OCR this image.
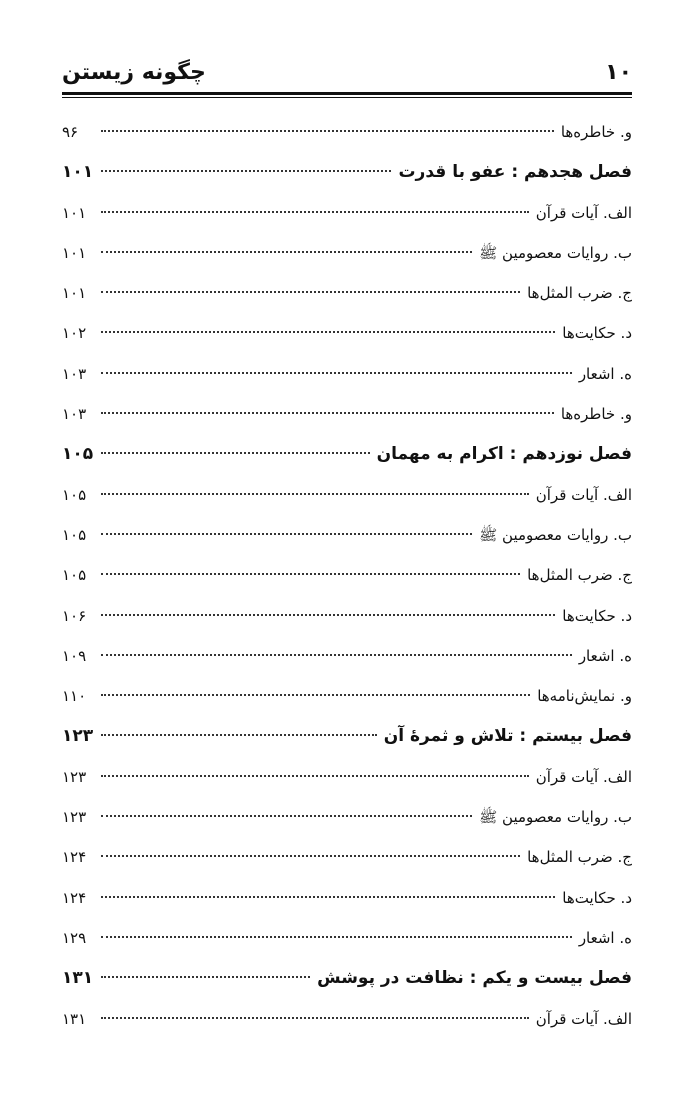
۱۰
چگونه زیستن
و. خاطره‌ها
۹۶
فصل هجدهم : عفو با قدرت
۱۰۱
الف. آیات قرآن
۱۰۱
ب. روایات معصومین ﷺ
۱۰۱
ج. ضرب المثل‌ها
۱۰۱
د. حکایت‌ها
۱۰۲
ه. اشعار
۱۰۳
و. خاطره‌ها
۱۰۳
فصل نوزدهم : اکرام به مهمان
۱۰۵
الف. آیات قرآن
۱۰۵
ب. روایات معصومین ﷺ
۱۰۵
ج. ضرب المثل‌ها
۱۰۵
د. حکایت‌ها
۱۰۶
ه. اشعار
۱۰۹
و. نمایش‌نامه‌ها
۱۱۰
فصل بیستم : تلاش و ثمرهٔ آن
۱۲۳
الف. آیات قرآن
۱۲۳
ب. روایات معصومین ﷺ
۱۲۳
ج. ضرب المثل‌ها
۱۲۴
د. حکایت‌ها
۱۲۴
ه. اشعار
۱۲۹
فصل بیست و یکم : نظافت در پوشش
۱۳۱
الف. آیات قرآن
۱۳۱
